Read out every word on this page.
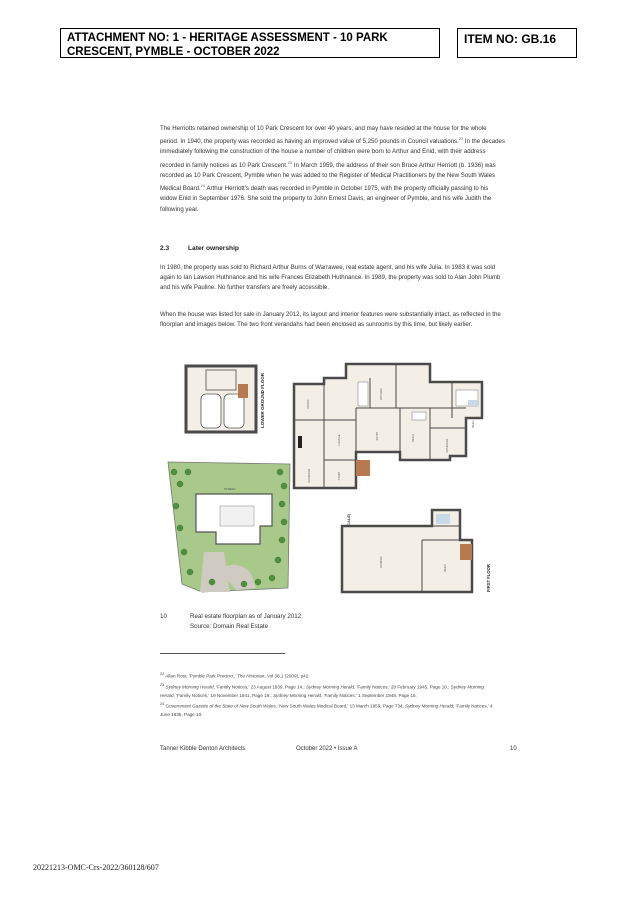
ATTACHMENT NO: 1 - HERITAGE ASSESSMENT - 10 PARK CRESCENT, PYMBLE - OCTOBER 2022
ITEM NO: GB.16
The Herriotts retained ownership of 10 Park Crescent for over 40 years, and may have resided at the house for the whole period. In 1940, the property was recorded as having an improved value of 5,250 pounds in Council valuations.$^{22}$ In the decades immediately following the construction of the house a number of children were born to Arthur and Enid, with their address recorded in family notices as 10 Park Crescent.$^{23}$ In March 1959, the address of their son Bruce Arthur Herriott (b. 1936) was recorded as 10 Park Crescent, Pymble when he was added to the Register of Medical Practitioners by the New South Wales Medical Board.$^{24}$ Arthur Herriott's death was recorded in Pymble in October 1975, with the property officially passing to his widow Enid in September 1976. She sold the property to John Ernest Davis, an engineer of Pymble, and his wife Judith the following year.
2.3	Later ownership
In 1980, the property was sold to Richard Arthur Burns of Warrawee, real estate agent, and his wife Julia. In 1983 it was sold again to Ian Lawson Huthnance and his wife Frances Elizabeth Huthnance. In 1989, the property was sold to Alan John Plumb and his wife Pauline. No further transfers are freely accessible.
When the house was listed for sale in January 2012, its layout and interior features were substantially intact, as reflected in the floorplan and images below. The two front verandahs had been enclosed as sunrooms by this time, but likely earlier.
LOWER GROUND FLOOR
STREET
DINING
LOUNGE
STUDY
SUNROOM
KITCHEN
BED 3
SUNROOM
BED 1
ENTRY
RUMPUS
BED 5	FIRST FLOOR
10	Real estate floorplan as of January 2012.
Source: Domain Real Estate
$^{22}$ Allan Rost, 'Pymble Park Precinct,' The Historian, Vol 38.1 (2009), p42.
$^{23}$ Sydney Morning Herald, 'Family Notices,' 23 August 1939, Page 14.; Sydney Morning Herald, 'Family Notices,' 20 February 1945, Page 10.; Sydney Morning Herald, 'Family Notices,' 19 November 1941, Page 19.; Sydney Morning Herald, 'Family Notices,' 1 September 1948, Page 16.
$^{24}$ Government Gazette of the State of New South Wales, 'New South Wales Medical Board,' 13 March 1959, Page 734; Sydney Morning Herald, 'Family Notices,' 4 June 1936, Page 10.
Tanner Kibble Denton Architects	October 2022 • Issue A	10
20221213-OMC-Crs-2022/360128/607
